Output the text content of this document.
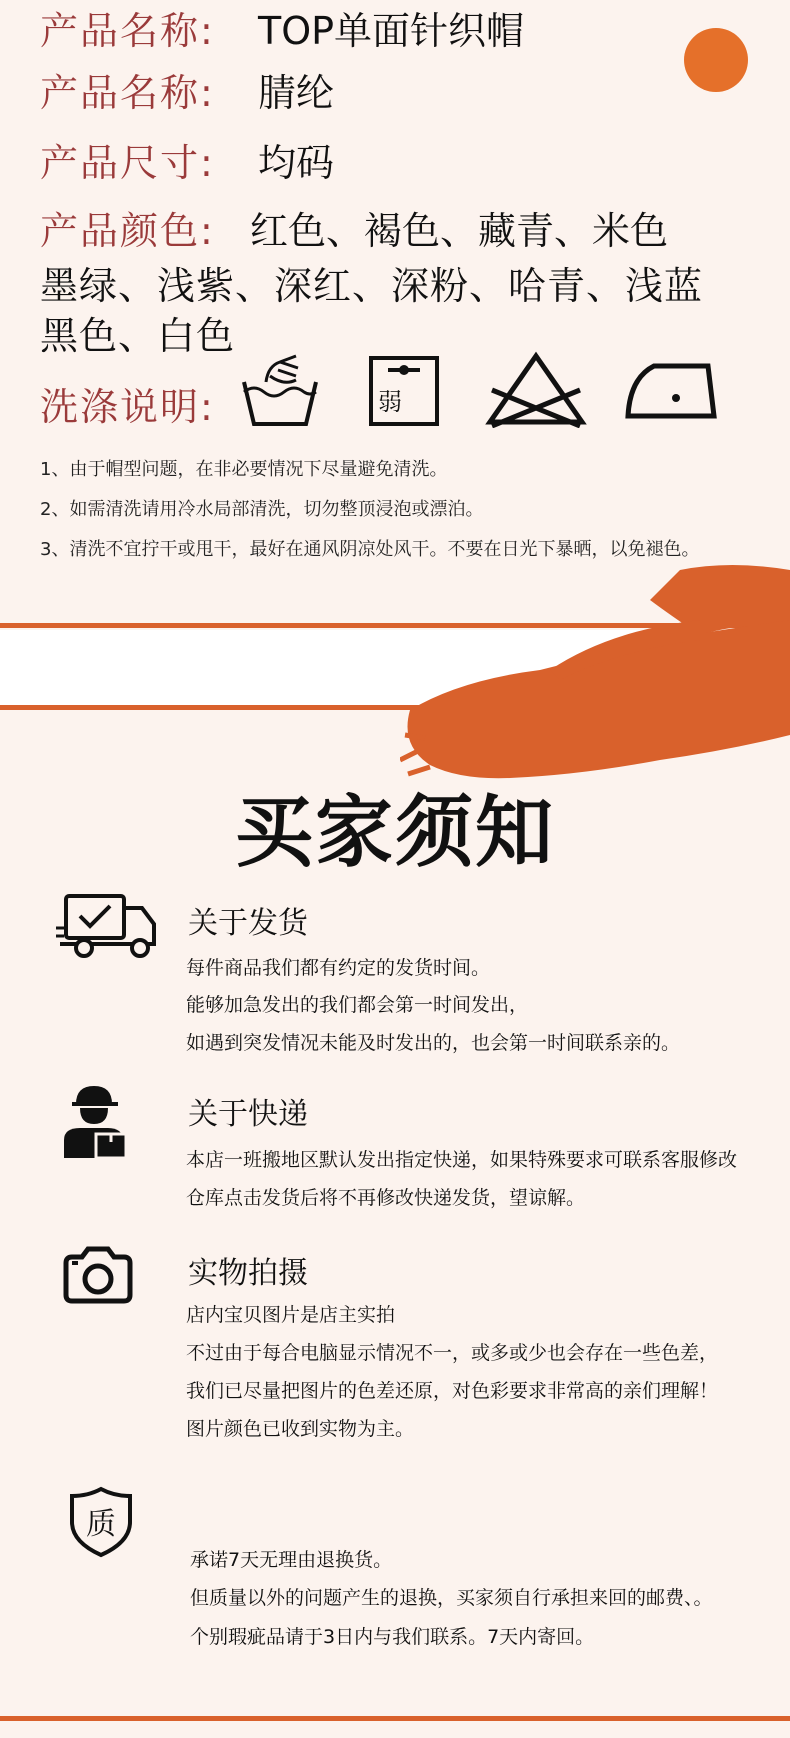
产品名称:	TOP单面针织帽
产品名称:	腈纶
产品尺寸:	均码
产品颜色: 红色、褐色、藏青、米色
墨绿、浅紫、深红、深粉、哈青、浅蓝
黑色、白色
洗涤说明:	弱
1、由于帽型问题，在非必要情况下尽量避免清洗。
2、如需清洗请用冷水局部清洗，切勿整顶浸泡或漂泊。
3、清洗不宜拧干或甩干，最好在通风阴凉处风干。不要在日光下暴晒，以免褪色。
买家须知
关于发货
每件商品我们都有约定的发货时间。
能够加急发出的我们都会第一时间发出，
如遇到突发情况未能及时发出的，也会第一时间联系亲的。
关于快递
本店一班搬地区默认发出指定快递，如果特殊要求可联系客服修改
仓库点击发货后将不再修改快递发货，望谅解。
实物拍摄
店内宝贝图片是店主实拍
不过由于每合电脑显示情况不一，或多或少也会存在一些色差，
我们已尽量把图片的色差还原，对色彩要求非常高的亲们理解！
图片颜色已收到实物为主。
质
承诺7天无理由退换货。
但质量以外的问题产生的退换，买家须自行承担来回的邮费、。
个别瑕疵品请于3日内与我们联系。7天内寄回。
